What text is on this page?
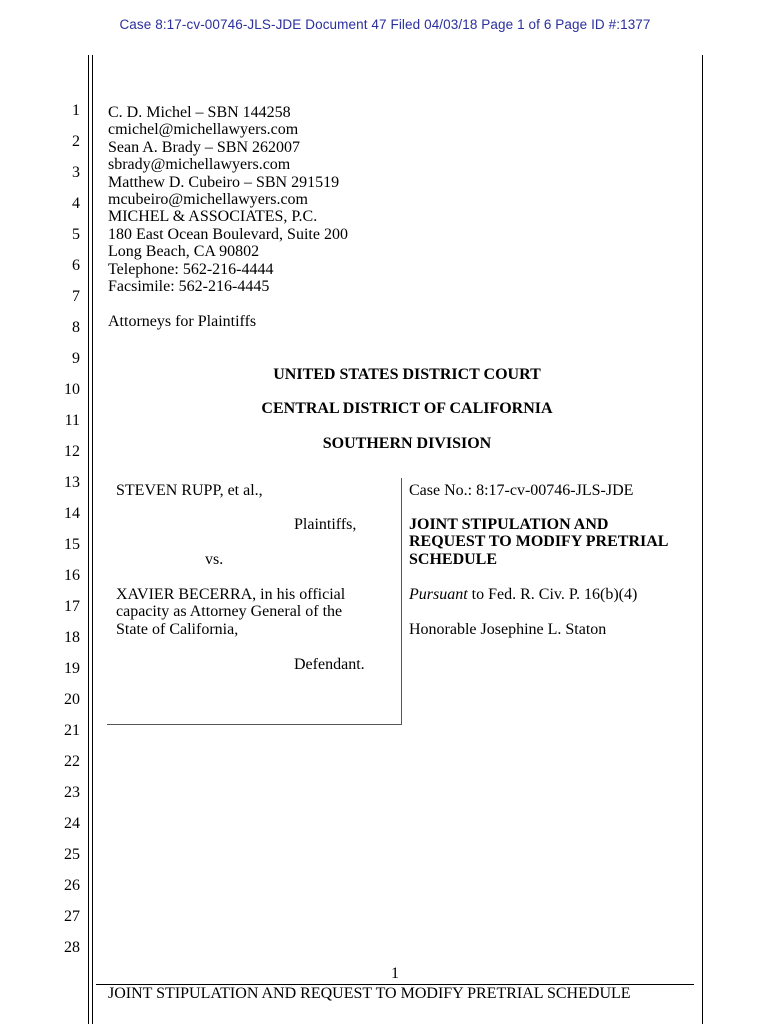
Case 8:17-cv-00746-JLS-JDE Document 47 Filed 04/03/18 Page 1 of 6 Page ID #:1377
1
2
3
4
5
6
7
8
9
10
11
12
13
14
15
16
17
18
19
20
21
22
23
24
25
26
27
28
C. D. Michel – SBN 144258
cmichel@michellawyers.com
Sean A. Brady – SBN 262007
sbrady@michellawyers.com
Matthew D. Cubeiro – SBN 291519
mcubeiro@michellawyers.com
MICHEL & ASSOCIATES, P.C.
180 East Ocean Boulevard, Suite 200
Long Beach, CA 90802
Telephone: 562-216-4444
Facsimile: 562-216-4445
Attorneys for Plaintiffs
UNITED STATES DISTRICT COURT
CENTRAL DISTRICT OF CALIFORNIA
SOUTHERN DIVISION
STEVEN RUPP, et al.,
Plaintiffs,
vs.
XAVIER BECERRA, in his official
capacity as Attorney General of the
State of California,
Defendant.
Case No.: 8:17-cv-00746-JLS-JDE
JOINT STIPULATION AND
REQUEST TO MODIFY PRETRIAL
SCHEDULE
Pursuant to Fed. R. Civ. P. 16(b)(4)
Honorable Josephine L. Staton
1
JOINT STIPULATION AND REQUEST TO MODIFY PRETRIAL SCHEDULE
